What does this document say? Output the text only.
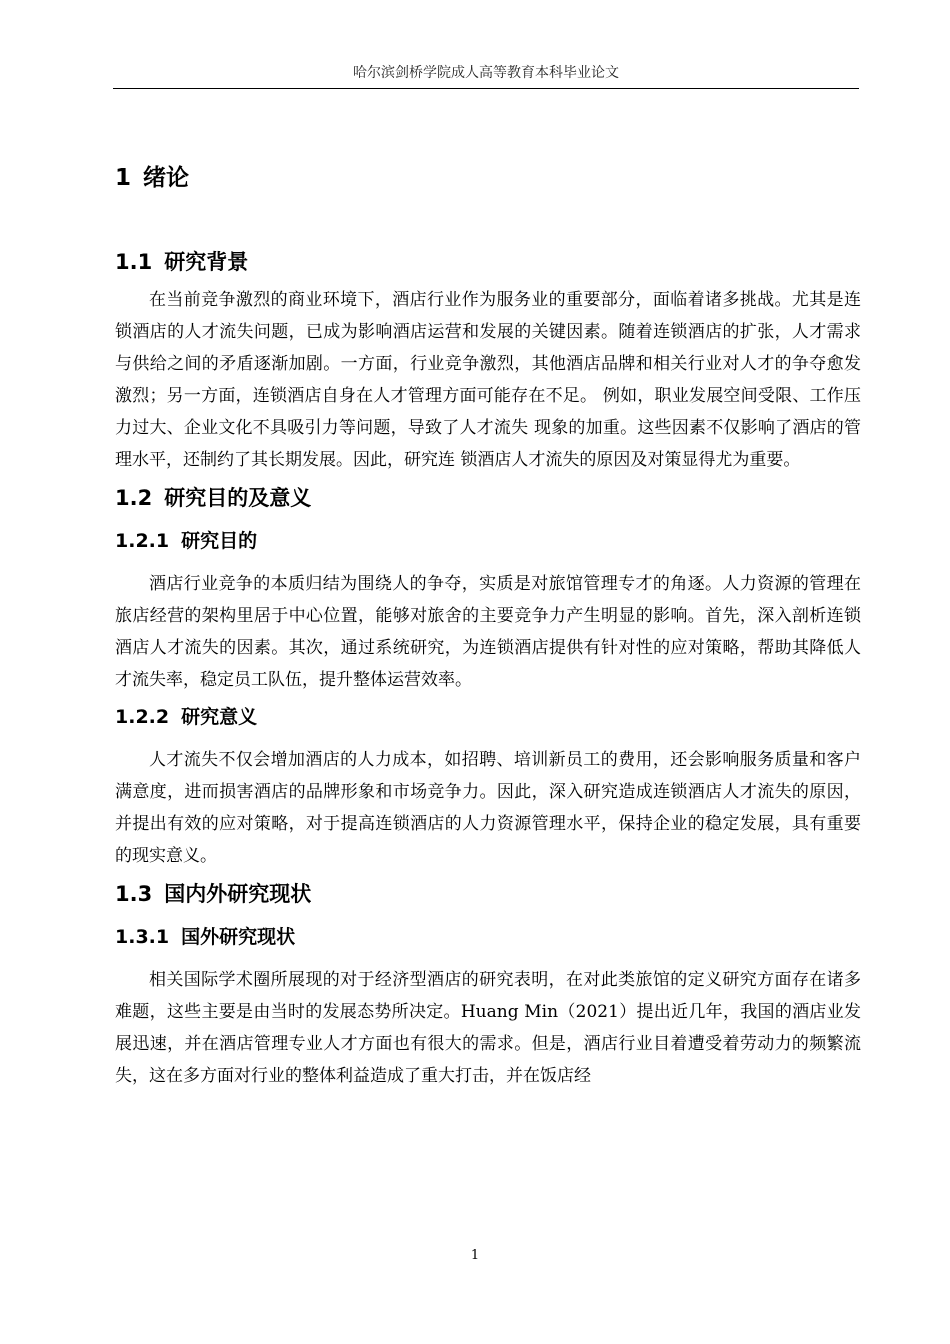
哈尔滨剑桥学院成人高等教育本科毕业论文
1 绪论
1.1 研究背景

在当前竞争激烈的商业环境下，酒店行业作为服务业的重要部分，面临着诸多挑战。尤其是连锁酒店的人才流失问题，已成为影响酒店运营和发展的关键因素。随着连锁酒店的扩张，人才需求与供给之间的矛盾逐渐加剧。一方面，行业竞争激烈，其他酒店品牌和相关行业对人才的争夺愈发激烈；另一方面，连锁酒店自身在人才管理方面可能存在不足。 例如，职业发展空间受限、工作压力过大、企业文化不具吸引力等问题，导致了人才流失 现象的加重。这些因素不仅影响了酒店的管理水平，还制约了其长期发展。因此，研究连 锁酒店人才流失的原因及对策显得尤为重要。

1.2 研究目的及意义
1.2.1 研究目的

酒店行业竞争的本质归结为围绕人的争夺，实质是对旅馆管理专才的角逐。人力资源的管理在旅店经营的架构里居于中心位置，能够对旅舍的主要竞争力产生明显的影响。首先，深入剖析连锁酒店人才流失的因素。其次，通过系统研究，为连锁酒店提供有针对性的应对策略，帮助其降低人才流失率，稳定员工队伍，提升整体运营效率。

1.2.2 研究意义

人才流失不仅会增加酒店的人力成本，如招聘、培训新员工的费用，还会影响服务质量和客户满意度，进而损害酒店的品牌形象和市场竞争力。因此，深入研究造成连锁酒店人才流失的原因，并提出有效的应对策略，对于提高连锁酒店的人力资源管理水平，保持企业的稳定发展，具有重要的现实意义。

1.3 国内外研究现状
1.3.1 国外研究现状

相关国际学术圈所展现的对于经济型酒店的研究表明，在对此类旅馆的定义研究方面存在诸多难题，这些主要是由当时的发展态势所决定。Huang Min（2021）提出近几年，我国的酒店业发展迅速，并在酒店管理专业人才方面也有很大的需求。但是，酒店行业目着遭受着劳动力的频繁流失，这在多方面对行业的整体利益造成了重大打击，并在饭店经

1
